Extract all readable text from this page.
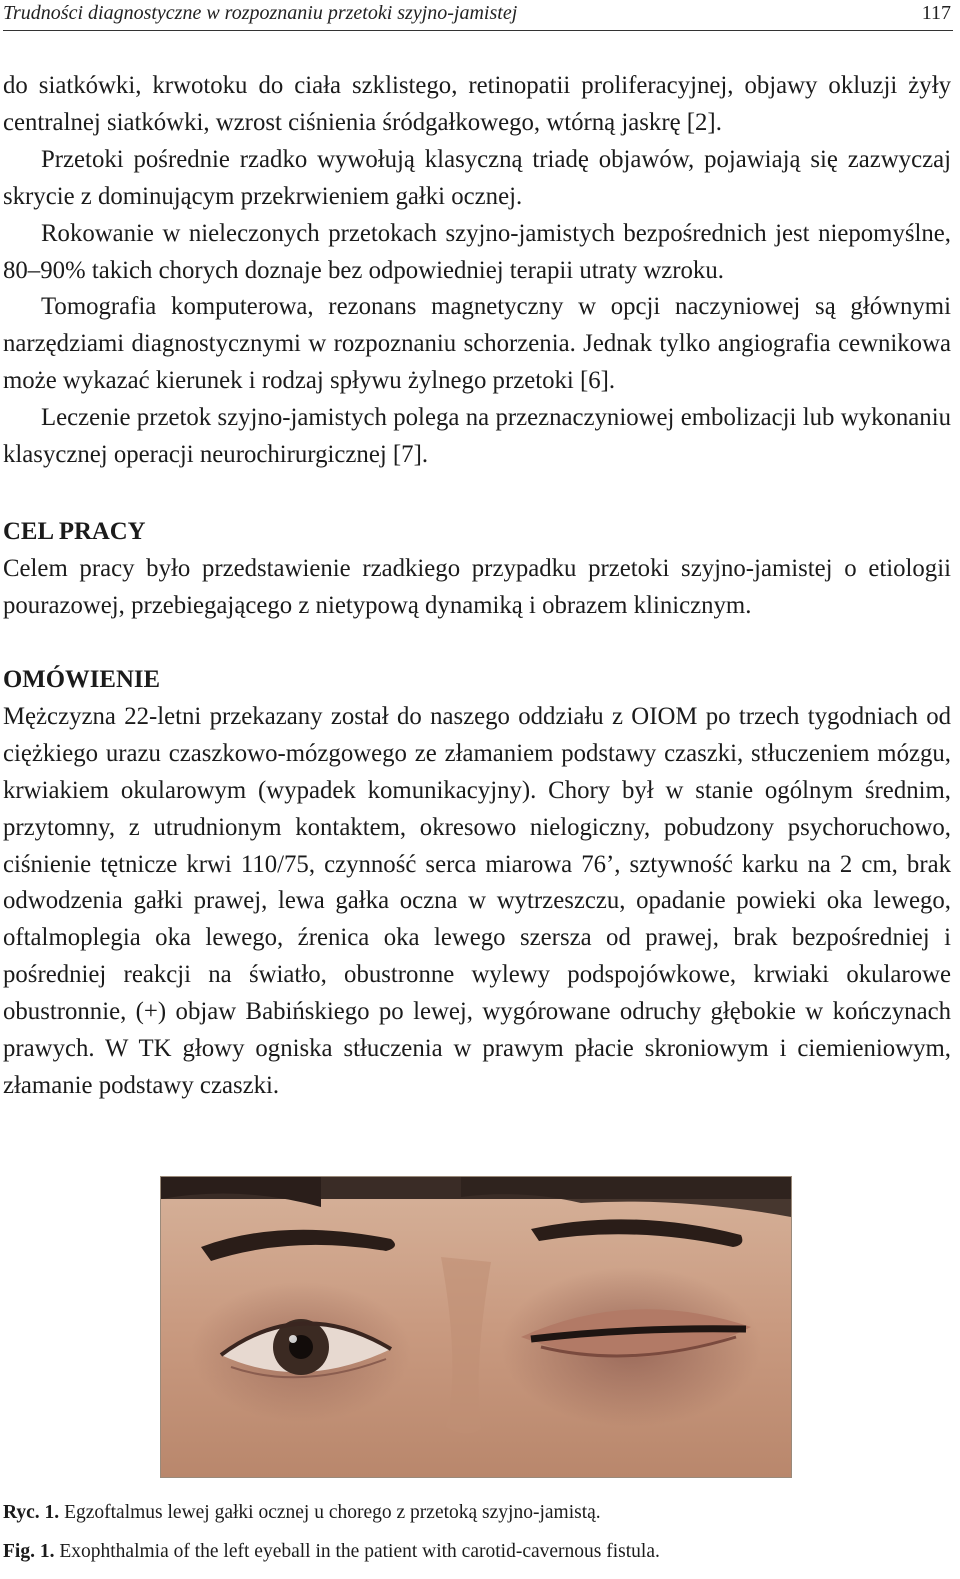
Trudności diagnostyczne w rozpoznaniu przetoki szyjno-jamistej	117

do siatkówki, krwotoku do ciała szklistego, retinopatii proliferacyjnej, objawy okluzji żyły centralnej siatkówki, wzrost ciśnienia śródgałkowego, wtórną jaskrę [2].

Przetoki pośrednie rzadko wywołują klasyczną triadę objawów, pojawiają się zazwyczaj skrycie z dominującym przekrwieniem gałki ocznej.

Rokowanie w nieleczonych przetokach szyjno-jamistych bezpośrednich jest niepomyślne, 80–90% takich chorych doznaje bez odpowiedniej terapii utraty wzroku.

Tomografia komputerowa, rezonans magnetyczny w opcji naczyniowej są głównymi narzędziami diagnostycznymi w rozpoznaniu schorzenia. Jednak tylko angiografia cewnikowa może wykazać kierunek i rodzaj spływu żylnego przetoki [6].

Leczenie przetok szyjno-jamistych polega na przeznaczyniowej embolizacji lub wykonaniu klasycznej operacji neurochirurgicznej [7].

CEL PRACY

Celem pracy było przedstawienie rzadkiego przypadku przetoki szyjno-jamistej o etiologii pourazowej, przebiegającego z nietypową dynamiką i obrazem klinicznym.

OMÓWIENIE

Mężczyzna 22-letni przekazany został do naszego oddziału z OIOM po trzech tygodniach od ciężkiego urazu czaszkowo-mózgowego ze złamaniem podstawy czaszki, stłuczeniem mózgu, krwiakiem okularowym (wypadek komunikacyjny). Chory był w stanie ogólnym średnim, przytomny, z utrudnionym kontaktem, okresowo nielogiczny, pobudzony psychoruchowo, ciśnienie tętnicze krwi 110/75, czynność serca miarowa 76’, sztywność karku na 2 cm, brak odwodzenia gałki prawej, lewa gałka oczna w wytrzeszczu, opadanie powieki oka lewego, oftalmoplegia oka lewego, źrenica oka lewego szersza od prawej, brak bezpośredniej i pośredniej reakcji na światło, obustronne wylewy podspojówkowe, krwiaki okularowe obustronnie, (+) objaw Babińskiego po lewej, wygórowane odruchy głębokie w kończynach prawych. W TK głowy ogniska stłuczenia w prawym płacie skroniowym i ciemieniowym, złamanie podstawy czaszki.

Ryc. 1. Egzoftalmus lewej gałki ocznej u chorego z przetoką szyjno-jamistą.
Fig. 1. Exophthalmia of the left eyeball in the patient with carotid-cavernous fistula.
